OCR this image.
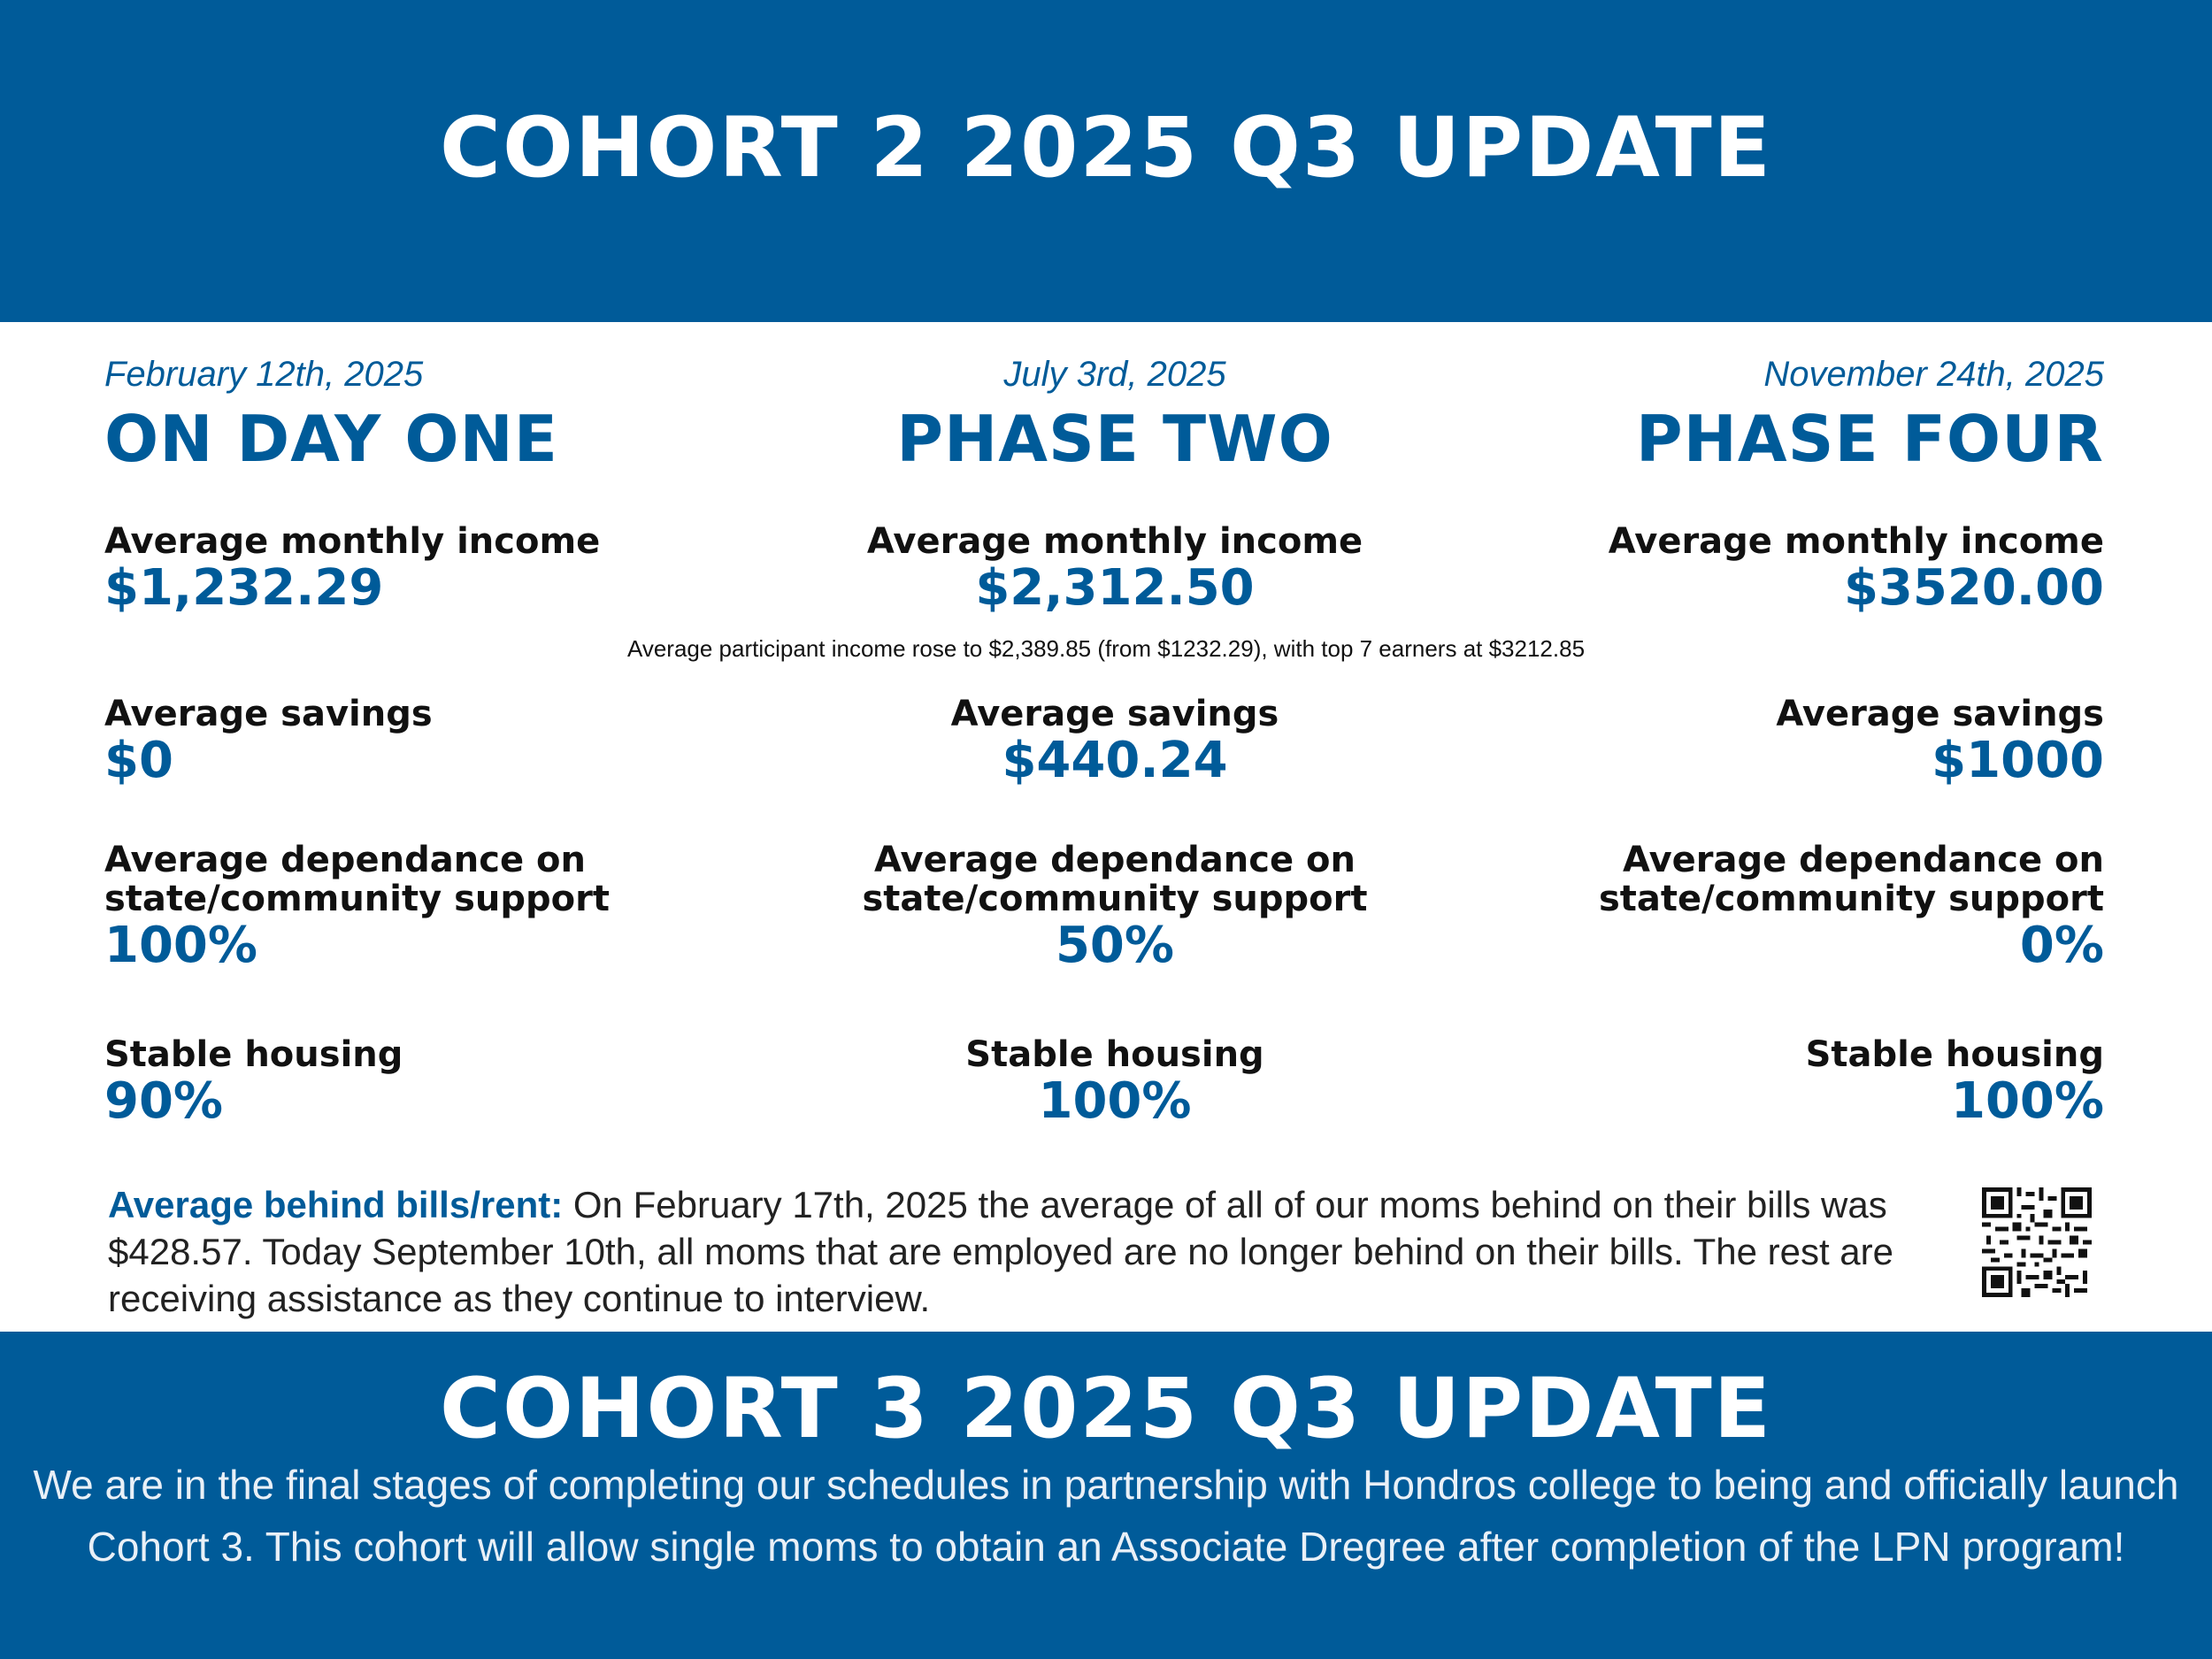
COHORT 2 2025 Q3 UPDATE
February 12th, 2025
ON DAY ONE
Average monthly income
$1,232.29
Average savings
$0
Average dependance on
state/community support
100%
Stable housing
90%
July 3rd, 2025
PHASE TWO
Average monthly income
$2,312.50
Average savings
$440.24
Average dependance on
state/community support
50%
Stable housing
100%
November 24th, 2025
PHASE FOUR
Average monthly income
$3520.00
Average savings
$1000
Average dependance on
state/community support
0%
Stable housing
100%
Average participant income rose to $2,389.85 (from $1232.29), with top 7 earners at $3212.85
Average behind bills/rent: On February 17th, 2025 the average of all of our moms behind on their bills was $428.57. Today September 10th, all moms that are employed are no longer behind on their bills. The rest are receiving assistance as they continue to interview.
COHORT 3 2025 Q3 UPDATE
We are in the final stages of completing our schedules in partnership with Hondros college to being and officially launch Cohort 3. This cohort will allow single moms to obtain an Associate Dregree after completion of the LPN program!
